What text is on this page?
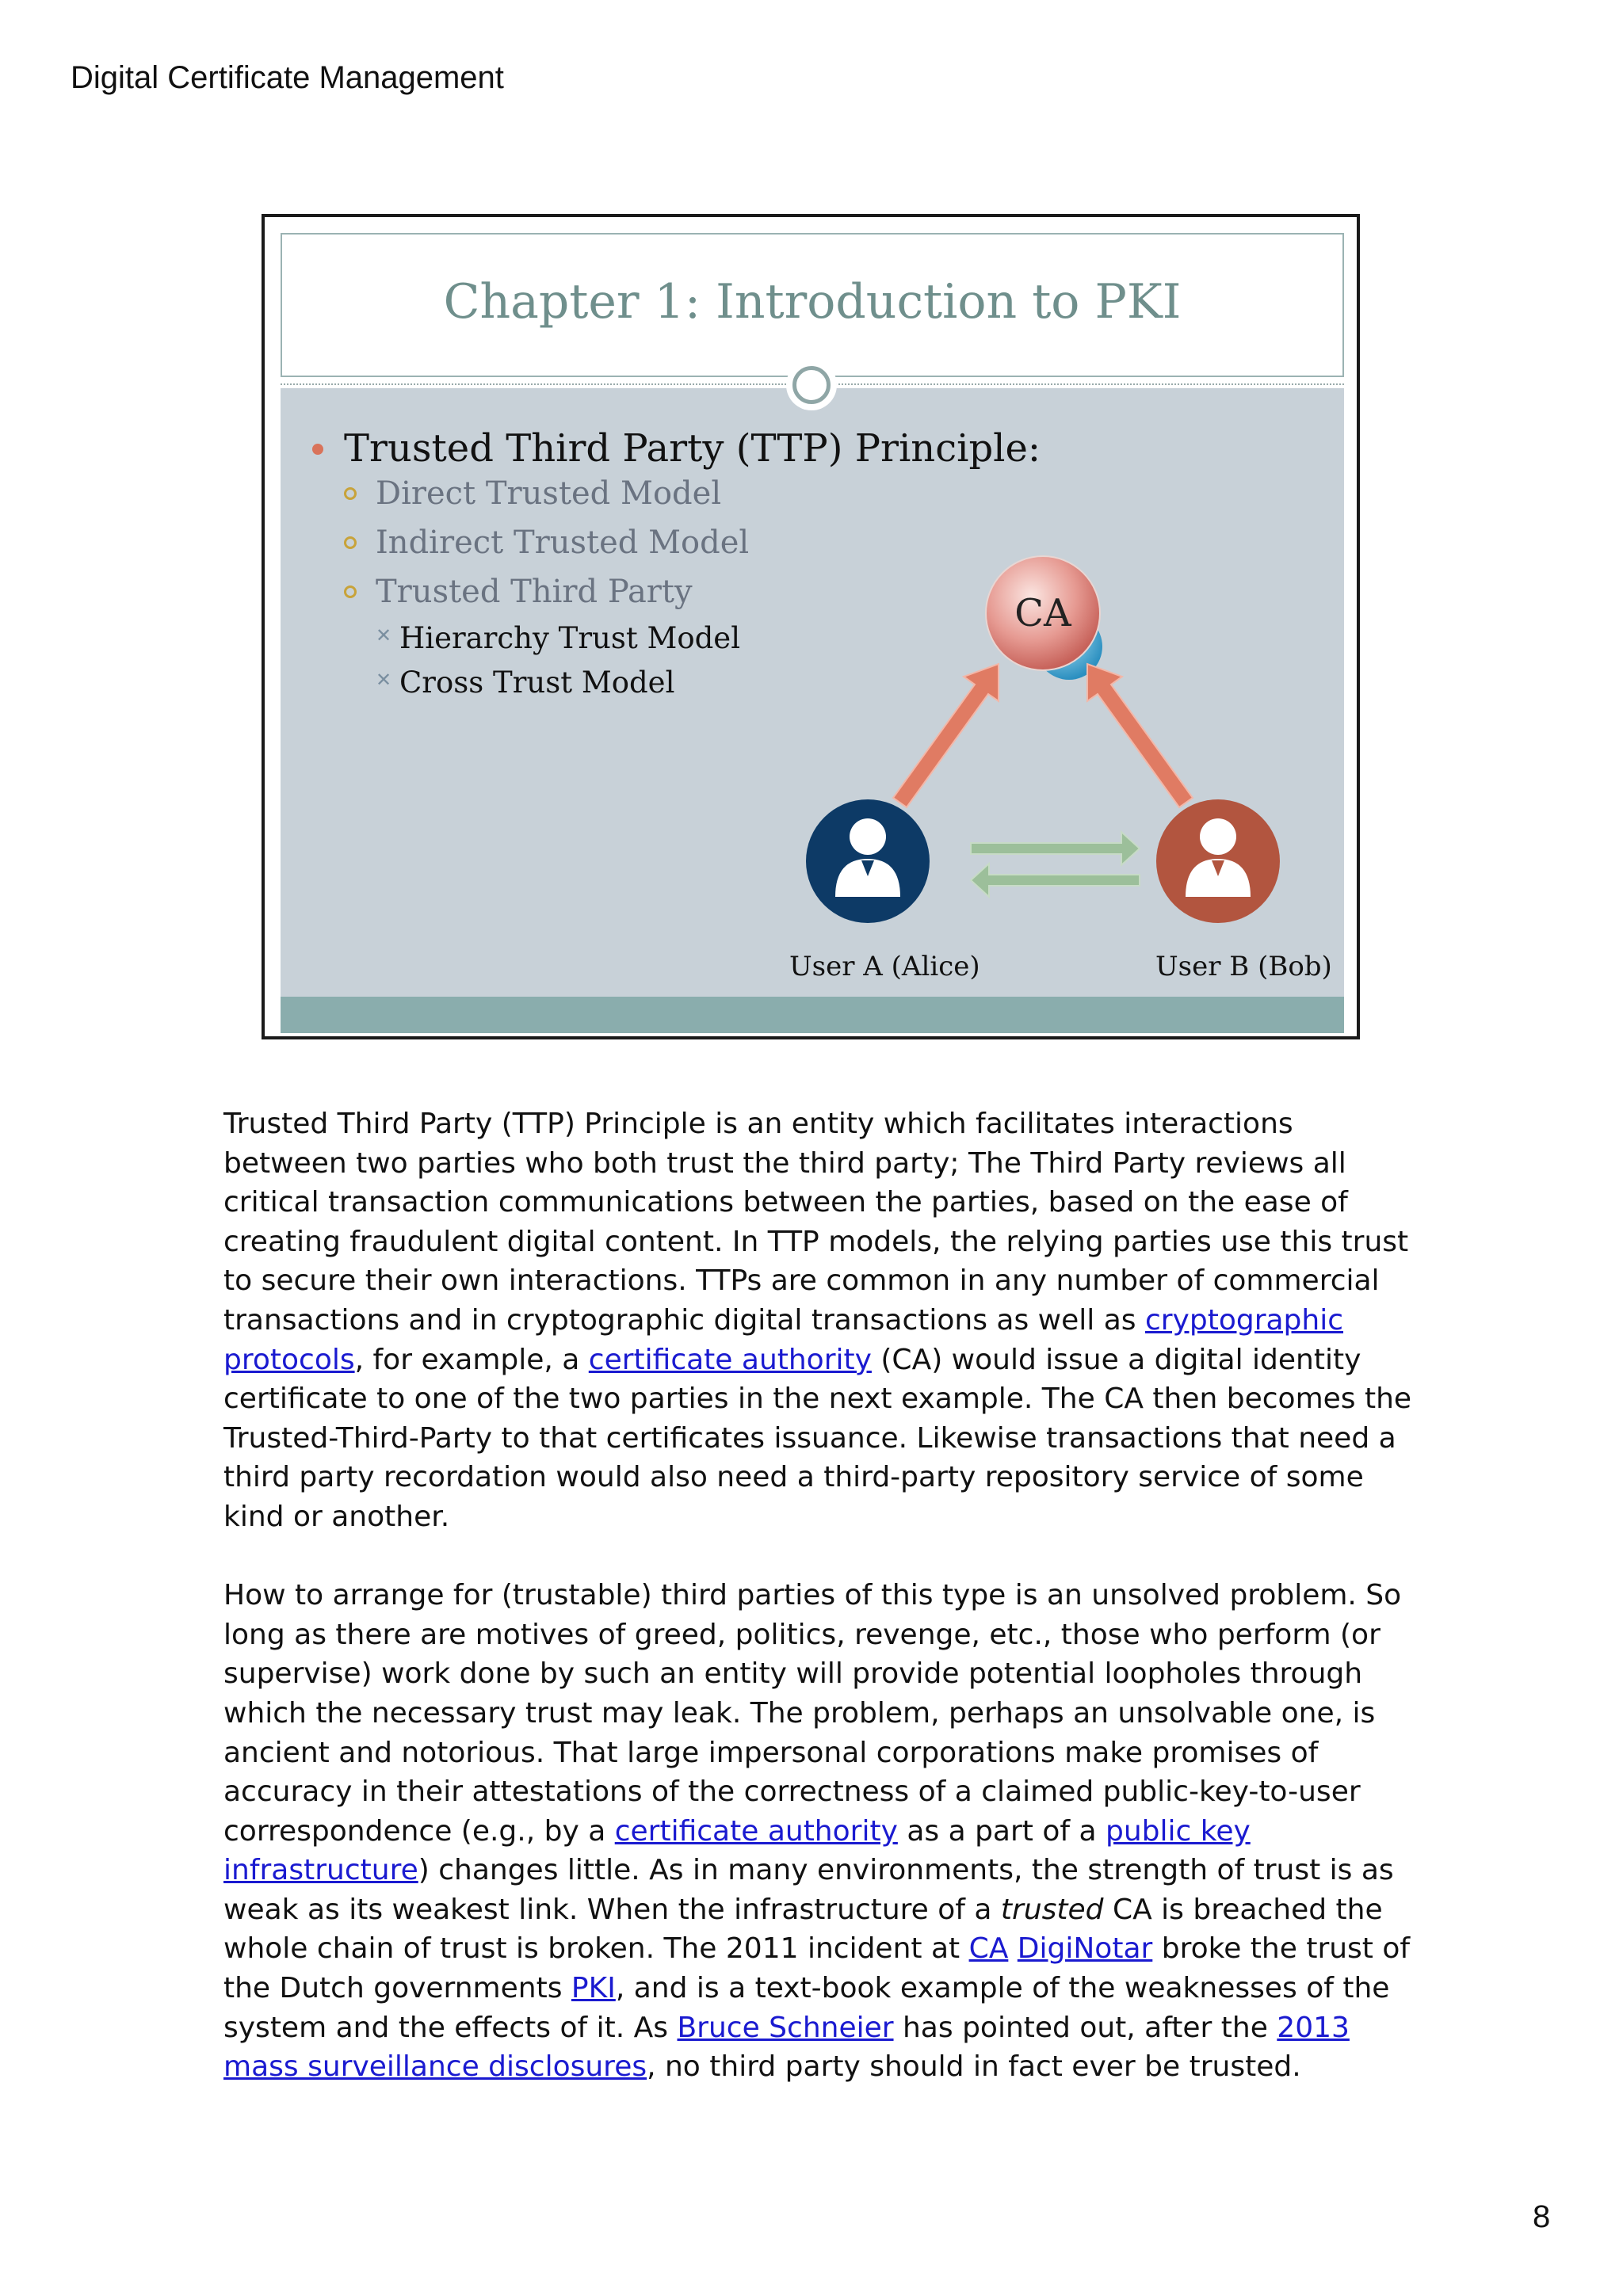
Digital Certificate Management
Chapter 1: Introduction to PKI
Trusted Third Party (TTP) Principle:
Direct Trusted Model
Indirect Trusted Model
Trusted Third Party
✕ Hierarchy Trust Model
✕ Cross Trust Model
CA
User A (Alice)	User B (Bob)

Trusted Third Party (TTP) Principle is an entity which facilitates interactions between two parties who both trust the third party; The Third Party reviews all critical transaction communications between the parties, based on the ease of creating fraudulent digital content. In TTP models, the relying parties use this trust to secure their own interactions. TTPs are common in any number of commercial transactions and in cryptographic digital transactions as well as cryptographic protocols, for example, a certificate authority (CA) would issue a digital identity certificate to one of the two parties in the next example. The CA then becomes the Trusted-Third-Party to that certificates issuance. Likewise transactions that need a third party recordation would also need a third-party repository service of some kind or another.

How to arrange for (trustable) third parties of this type is an unsolved problem. So long as there are motives of greed, politics, revenge, etc., those who perform (or supervise) work done by such an entity will provide potential loopholes through which the necessary trust may leak. The problem, perhaps an unsolvable one, is ancient and notorious. That large impersonal corporations make promises of accuracy in their attestations of the correctness of a claimed public-key-to-user correspondence (e.g., by a certificate authority as a part of a public key infrastructure) changes little. As in many environments, the strength of trust is as weak as its weakest link. When the infrastructure of a trusted CA is breached the whole chain of trust is broken. The 2011 incident at CA DigiNotar broke the trust of the Dutch governments PKI, and is a text-book example of the weaknesses of the system and the effects of it. As Bruce Schneier has pointed out, after the 2013 mass surveillance disclosures, no third party should in fact ever be trusted.

8
